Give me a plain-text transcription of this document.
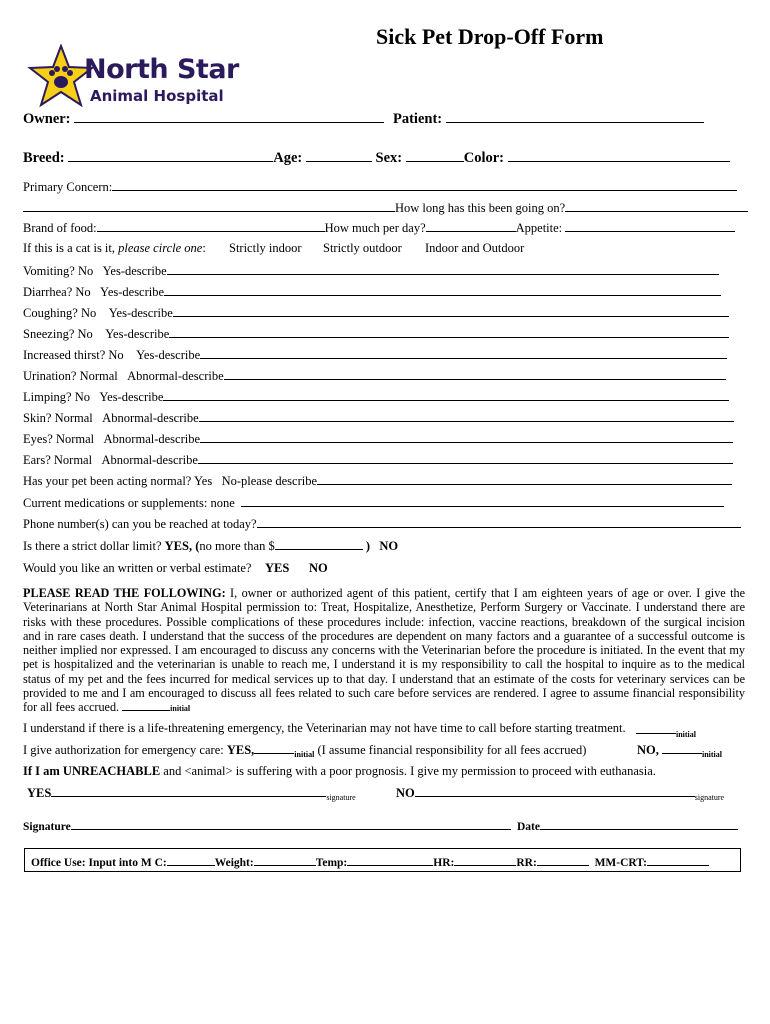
Sick Pet Drop-Off Form
North Star
Animal Hospital
Owner:	Patient:
Breed:	Age:	Sex:	Color:
Primary Concern:
How long has this been going on?
Brand of food:	How much per day?	Appetite:
If this is a cat is it, please circle one: Strictly indoor Strictly outdoor Indoor and Outdoor
Vomiting? No Yes-describe
Diarrhea? No Yes-describe
Coughing? No Yes-describe
Sneezing? No Yes-describe
Increased thirst? No Yes-describe
Urination? Normal Abnormal-describe
Limping? No Yes-describe
Skin? Normal Abnormal-describe
Eyes? Normal Abnormal-describe
Ears? Normal Abnormal-describe
Has your pet been acting normal? Yes No-please describe
Current medications or supplements: none
Phone number(s) can you be reached at today?
Is there a strict dollar limit? YES, (no more than $	) NO
Would you like an written or verbal estimate? YES NO
PLEASE READ THE FOLLOWING: I, owner or authorized agent of this patient, certify that I am eighteen years of age or over. I give the Veterinarians at North Star Animal Hospital permission to: Treat, Hospitalize, Anesthetize, Perform Surgery or Vaccinate. I understand there are risks with these procedures. Possible complications of these procedures include: infection, vaccine reactions, breakdown of the surgical incision and in rare cases death. I understand that the success of the procedures are dependent on many factors and a guarantee of a successful outcome is neither implied nor expressed. I am encouraged to discuss any concerns with the Veterinarian before the procedure is initiated. In the event that my pet is hospitalized and the veterinarian is unable to reach me, I understand it is my responsibility to call the hospital to inquire as to the medical status of my pet and the fees incurred for medical services up to that day. I understand that an estimate of the costs for veterinary services can be provided to me and I am encouraged to discuss all fees related to such care before services are rendered. I agree to assume financial responsibility for all fees accrued.	initial
I understand if there is a life-threatening emergency, the Veterinarian may not have time to call before starting treatment.	initial
I give authorization for emergency care: YES,	$_{initial}$ (I assume financial responsibility for all fees accrued)	NO,	$_{initial}$
If I am UNREACHABLE and <animal> is suffering with a poor prognosis. I give my permission to proceed with euthanasia.
YES	$_{signature}$	NO	$_{signature}$
Signature	Date
Office Use: Input into M C:	Weight:	Temp:	HR:	RR:	MM-CRT:
